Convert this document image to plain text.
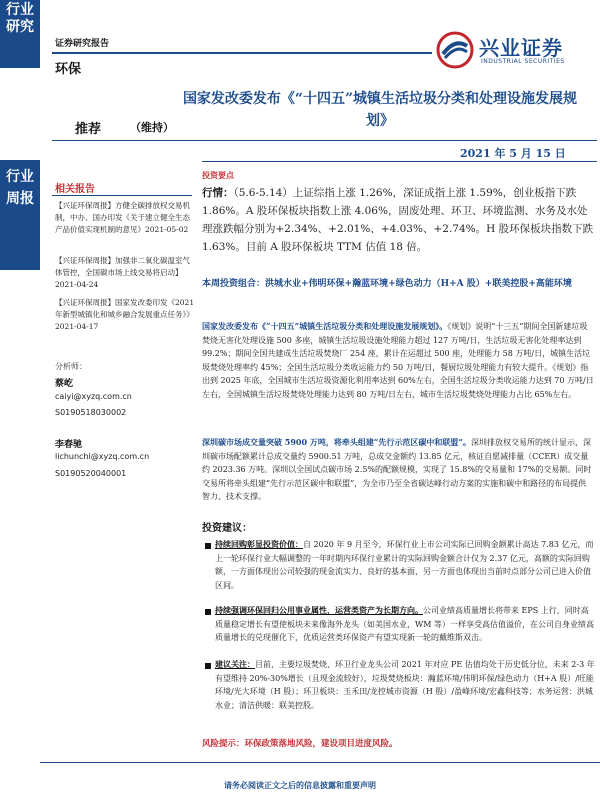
行业研究
行业周报
证券研究报告
环保
兴业证券
INDUSTRIAL SECURITIES
国家发改委发布《“十四五”城镇生活垃圾分类和处理设施发展规划》
推荐	（维持）
2021 年 5 月 15 日
相关报告
【兴证环保周报】方健全碳排放权交易机制，中办、国办印发《关于建立健全生态产品价值实现机制的意见》2021-05-02
【兴证环保周报】加强非二氧化碳温室气体管控，全国碳市场上线交易将启动】2021-04-24
【兴证环保周报】国家发改委印发《2021 年新型城镇化和城乡融合发展重点任务》》2021-04-17
分析师：
蔡屹
caiyi@xyzq.com.cn
S0190518030002
李春驰
lichunchi@xyzq.com.cn
S0190520040001
投资要点
行情：（5.6-5.14）上证综指上涨 1.26%，深证成指上涨 1.59%，创业板指下跌 1.86%。A 股环保板块指数上涨 4.06%，固废处理、环卫、环境监测、水务及水处理涨跌幅分别为+2.34%、+2.01%、+4.03%、+2.74%。H 股环保板块指数下跌 1.63%。目前 A 股环保板块 TTM 估值 18 倍。
本周投资组合：洪城水业+伟明环保+瀚蓝环境+绿色动力（H+A 股）+联美控股+高能环境
国家发改委发布《“十四五”城镇生活垃圾分类和处理设施发展规划》。《规划》说明“十三五”期间全国新建垃圾焚烧无害化处理设施 500 多座，城镇生活垃圾设施处理能力超过 127 万吨/日，生活垃圾无害化处理率达到 99.2%；期间全国共建成生活垃圾焚烧厂 254 座，累计在运超过 500 座，处理能力 58 万吨/日，城镇生活垃圾焚烧处理率约 45%；全国生活垃圾分类收运能力约 50 万吨/日，餐厨垃圾处理能力有较大提升。《规划》指出到 2025 年底，全国城市生活垃圾资源化利用率达到 60%左右，全国生活垃圾分类收运能力达到 70 万吨/日左右，全国城镇生活垃圾焚烧处理能力达到 80 万吨/日左右，城市生活垃圾焚烧处理能力占比 65%左右。
深圳碳市场成交量突破 5900 万吨，将牵头组建“先行示范区碳中和联盟”。深圳排放权交易所的统计显示，深圳碳市场配额累计总成交量约 5900.51 万吨，总成交金额约 13.85 亿元，核证自愿减排量（CCER）成交量约 2023.36 万吨。深圳以全国试点碳市场 2.5%的配额规模，实现了 15.8%的交易量和 17%的交易额。同时交易所将牵头组建“先行示范区碳中和联盟”，为全市乃至全省碳达峰行动方案的实施和碳中和路径的布局提供智力、技术支撑。
投资建议：
持续回购彰显投资价值：自 2020 年 9 月至今，环保行业上市公司实际已回购金额累计高达 7.83 亿元，而上一轮环保行业大幅调整的一年时期内环保行业累计的实际回购金额合计仅为 2.37 亿元，高额的实际回购额，一方面体现出公司较强的现金流实力、良好的基本面，另一方面也体现出当前时点部分公司已进入价值区间。
持续强调环保回归公用事业属性，运营类资产为长期方向。公司业绩高质量增长将带来 EPS 上行，同时高质量稳定增长有望使板块未来像海外龙头（如美国水业，WM 等）一样享受高估值溢价，在公司自身业绩高质量增长的兑现催化下，优质运营类环保资产有望实现新一轮的戴维斯双击。
建议关注：目前，主要垃圾焚烧、环卫行业龙头公司 2021 年对应 PE 估值均处于历史低分位，未来 2-3 年有望维持 20%-30%增长（且现金流较好），垃圾焚烧板块：瀚蓝环境/伟明环保/绿色动力（H+A 股）/旺能环境/光大环境（H 股）；环卫板块：玉禾田/龙控城市资源（H 股）/盈峰环境/宏鑫科技等；水务运营：洪城水业；清洁供暖：联美控股。
风险提示：环保政策落地风险，建设项目进度风险。
请务必阅读正文之后的信息披露和重要声明
